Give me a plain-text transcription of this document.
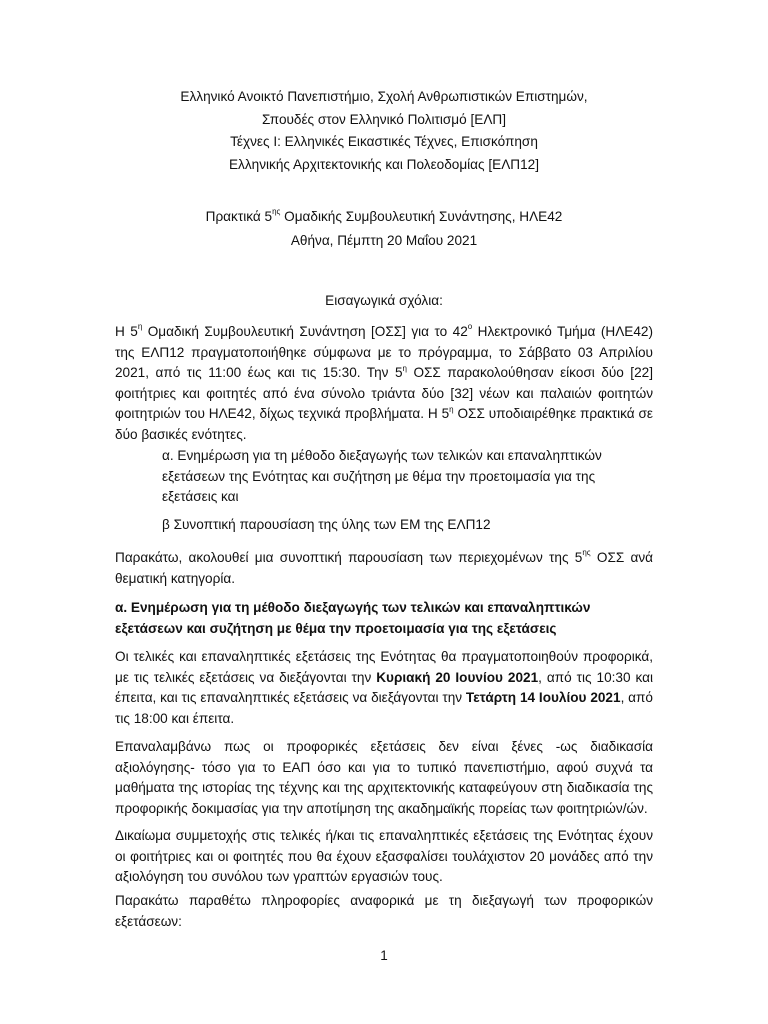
Ελληνικό Ανοικτό Πανεπιστήμιο, Σχολή Ανθρωπιστικών Επιστημών,
Σπουδές στον Ελληνικό Πολιτισμό [ΕΛΠ]
Τέχνες Ι: Ελληνικές Εικαστικές Τέχνες, Επισκόπηση
Ελληνικής Αρχιτεκτονικής και Πολεοδομίας [ΕΛΠ12]
Πρακτικά $5^{\eta\varsigma}$ Ομαδικής Συμβουλευτική Συνάντησης, ΗΛΕ42
Αθήνα, Πέμπτη 20 Μαΐου 2021
Εισαγωγικά σχόλια:

Η $5^\eta$ Ομαδική Συμβουλευτική Συνάντηση [ΟΣΣ] για το $42^o$ Ηλεκτρονικό Τμήμα (ΗΛΕ42) της ΕΛΠ12 πραγματοποιήθηκε σύμφωνα με το πρόγραμμα, το Σάββατο 03 Απριλίου 2021, από τις 11:00 έως και τις 15:30. Την $5^\eta$ ΟΣΣ παρακολούθησαν είκοσι δύο [22] φοιτήτριες και φοιτητές από ένα σύνολο τριάντα δύο [32] νέων και παλαιών φοιτητών φοιτητριών του ΗΛΕ42, δίχως τεχνικά προβλήματα. Η $5^\eta$ ΟΣΣ υποδιαιρέθηκε πρακτικά σε δύο βασικές ενότητες.

α. Ενημέρωση για τη μέθοδο διεξαγωγής των τελικών και επαναληπτικών εξετάσεων της Ενότητας και συζήτηση με θέμα την προετοιμασία για της εξετάσεις και
β Συνοπτική παρουσίαση της ύλης των ΕΜ της ΕΛΠ12

Παρακάτω, ακολουθεί μια συνοπτική παρουσίαση των περιεχομένων της $5^{\eta\varsigma}$ ΟΣΣ ανά θεματική κατηγορία.

α. Ενημέρωση για τη μέθοδο διεξαγωγής των τελικών και επαναληπτικών εξετάσεων και συζήτηση με θέμα την προετοιμασία για της εξετάσεις

Οι τελικές και επαναληπτικές εξετάσεις της Ενότητας θα πραγματοποιηθούν προφορικά, με τις τελικές εξετάσεις να διεξάγονται την Κυριακή 20 Ιουνίου 2021, από τις 10:30 και έπειτα, και τις επαναληπτικές εξετάσεις να διεξάγονται την Τετάρτη 14 Ιουλίου 2021, από τις 18:00 και έπειτα.

Επαναλαμβάνω πως οι προφορικές εξετάσεις δεν είναι ξένες -ως διαδικασία αξιολόγησης- τόσο για το ΕΑΠ όσο και για το τυπικό πανεπιστήμιο, αφού συχνά τα μαθήματα της ιστορίας της τέχνης και της αρχιτεκτονικής καταφεύγουν στη διαδικασία της προφορικής δοκιμασίας για την αποτίμηση της ακαδημαϊκής πορείας των φοιτητριών/ών.

Δικαίωμα συμμετοχής στις τελικές ή/και τις επαναληπτικές εξετάσεις της Ενότητας έχουν οι φοιτήτριες και οι φοιτητές που θα έχουν εξασφαλίσει τουλάχιστον 20 μονάδες από την αξιολόγηση του συνόλου των γραπτών εργασιών τους.

Παρακάτω παραθέτω πληροφορίες αναφορικά με τη διεξαγωγή των προφορικών εξετάσεων:

1
